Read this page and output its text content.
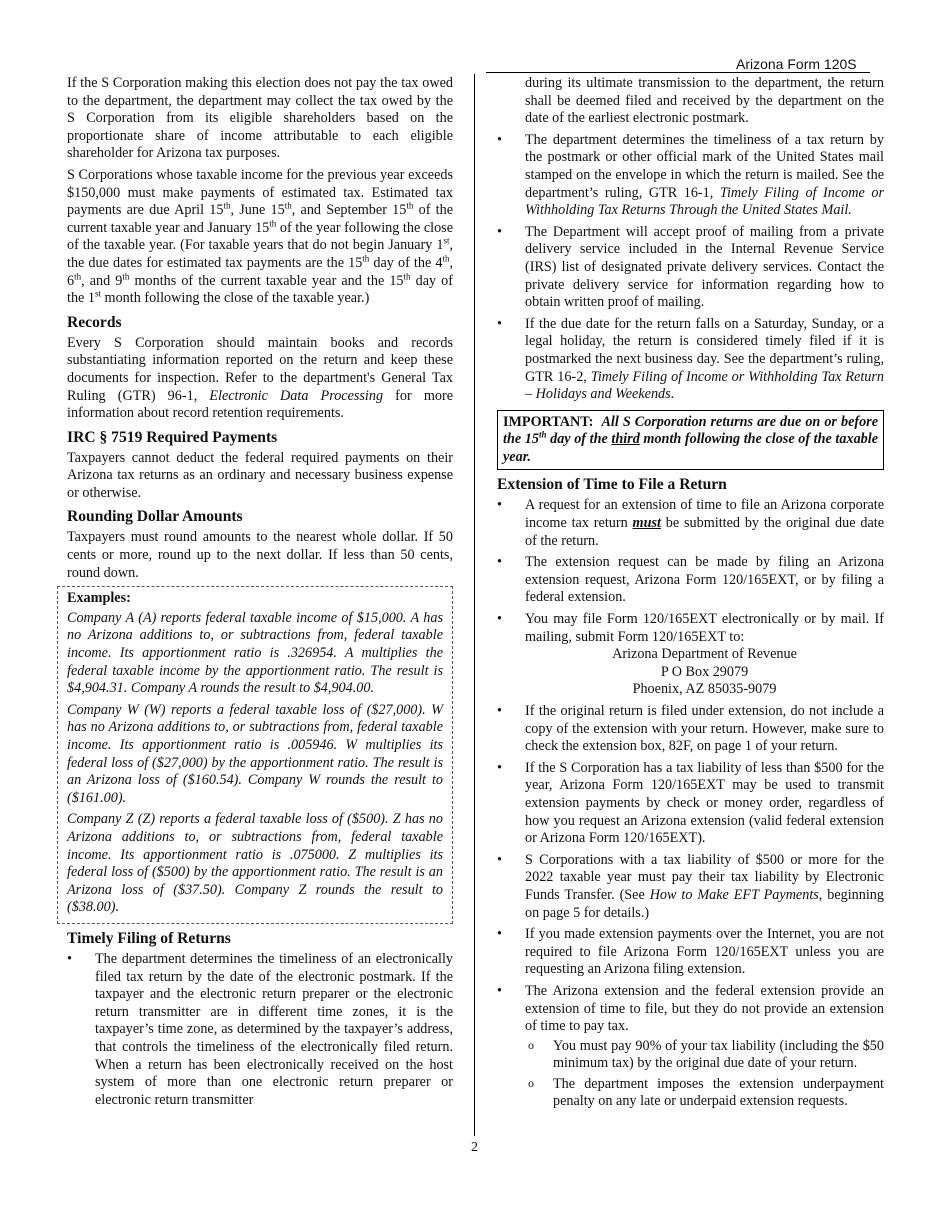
Arizona Form 120S

If the S Corporation making this election does not pay the tax owed to the department, the department may collect the tax owed by the S Corporation from its eligible shareholders based on the proportionate share of income attributable to each eligible shareholder for Arizona tax purposes.

S Corporations whose taxable income for the previous year exceeds $150,000 must make payments of estimated tax. Estimated tax payments are due April 15th, June 15th, and September 15th of the current taxable year and January 15th of the year following the close of the taxable year. (For taxable years that do not begin January 1st, the due dates for estimated tax payments are the 15th day of the 4th, 6th, and 9th months of the current taxable year and the 15th day of the 1st month following the close of the taxable year.)

Records

Every S Corporation should maintain books and records substantiating information reported on the return and keep these documents for inspection. Refer to the department's General Tax Ruling (GTR) 96-1, Electronic Data Processing for more information about record retention requirements.

IRC § 7519 Required Payments

Taxpayers cannot deduct the federal required payments on their Arizona tax returns as an ordinary and necessary business expense or otherwise.

Rounding Dollar Amounts

Taxpayers must round amounts to the nearest whole dollar. If 50 cents or more, round up to the next dollar. If less than 50 cents, round down.

Examples:

Company A (A) reports federal taxable income of $15,000. A has no Arizona additions to, or subtractions from, federal taxable income. Its apportionment ratio is .326954. A multiplies the federal taxable income by the apportionment ratio. The result is $4,904.31. Company A rounds the result to $4,904.00.

Company W (W) reports a federal taxable loss of ($27,000). W has no Arizona additions to, or subtractions from, federal taxable income. Its apportionment ratio is .005946. W multiplies its federal loss of ($27,000) by the apportionment ratio. The result is an Arizona loss of ($160.54). Company W rounds the result to ($161.00).

Company Z (Z) reports a federal taxable loss of ($500). Z has no Arizona additions to, or subtractions from, federal taxable income. Its apportionment ratio is .075000. Z multiplies its federal loss of ($500) by the apportionment ratio. The result is an Arizona loss of ($37.50). Company Z rounds the result to ($38.00).

Timely Filing of Returns
• The department determines the timeliness of an electronically filed tax return by the date of the electronic postmark. If the taxpayer and the electronic return preparer or the electronic return transmitter are in different time zones, it is the taxpayer’s time zone, as determined by the taxpayer’s address, that controls the timeliness of the electronically filed return. When a return has been electronically received on the host system of more than one electronic return preparer or electronic return transmitter
during its ultimate transmission to the department, the return shall be deemed filed and received by the department on the date of the earliest electronic postmark.
• The department determines the timeliness of a tax return by the postmark or other official mark of the United States mail stamped on the envelope in which the return is mailed. See the department’s ruling, GTR 16-1, Timely Filing of Income or Withholding Tax Returns Through the United States Mail.
• The Department will accept proof of mailing from a private delivery service included in the Internal Revenue Service (IRS) list of designated private delivery services. Contact the private delivery service for information regarding how to obtain written proof of mailing.
• If the due date for the return falls on a Saturday, Sunday, or a legal holiday, the return is considered timely filed if it is postmarked the next business day. See the department’s ruling, GTR 16-2, Timely Filing of Income or Withholding Tax Return – Holidays and Weekends.
IMPORTANT: All S Corporation returns are due on or before the 15th day of the third month following the close of the taxable year.
Extension of Time to File a Return
• A request for an extension of time to file an Arizona corporate income tax return must be submitted by the original due date of the return.
• The extension request can be made by filing an Arizona extension request, Arizona Form 120/165EXT, or by filing a federal extension.
• You may file Form 120/165EXT electronically or by mail. If mailing, submit Form 120/165EXT to:
Arizona Department of Revenue
P O Box 29079
Phoenix, AZ 85035-9079
• If the original return is filed under extension, do not include a copy of the extension with your return. However, make sure to check the extension box, 82F, on page 1 of your return.
• If the S Corporation has a tax liability of less than $500 for the year, Arizona Form 120/165EXT may be used to transmit extension payments by check or money order, regardless of how you request an Arizona extension (valid federal extension or Arizona Form 120/165EXT).
• S Corporations with a tax liability of $500 or more for the 2022 taxable year must pay their tax liability by Electronic Funds Transfer. (See How to Make EFT Payments, beginning on page 5 for details.)
• If you made extension payments over the Internet, you are not required to file Arizona Form 120/165EXT unless you are requesting an Arizona filing extension.
• The Arizona extension and the federal extension provide an extension of time to file, but they do not provide an extension of time to pay tax.
o You must pay 90% of your tax liability (including the $50 minimum tax) by the original due date of your return.
o The department imposes the extension underpayment penalty on any late or underpaid extension requests.
2
